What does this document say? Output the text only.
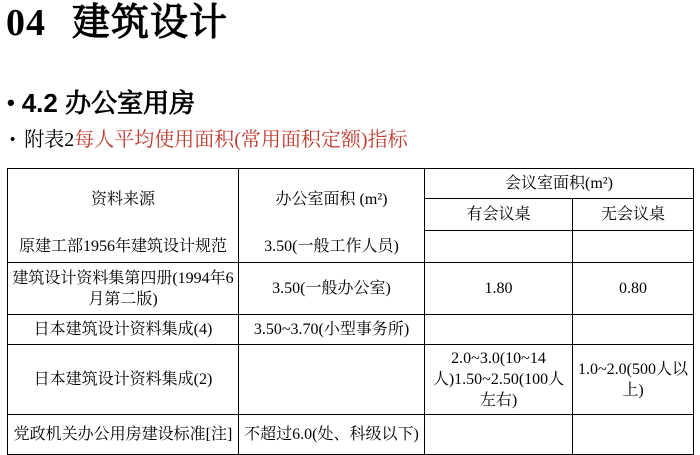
04 建筑设计
• 4.2 办公室用房
• 附表2 每人平均使用面积(常用面积定额)指标
资料来源	办公室面积 (m²)	会议室面积(m²)	
		有会议桌	无会议桌
原建工部1956年建筑设计规范	3.50(一般工作人员)		
建筑设计资料集第四册(1994年6月第二版)	3.50(一般办公室)	1.80	0.80
日本建筑设计资料集成(4)	3.50~3.70(小型事务所)		
日本建筑设计资料集成(2)		2.0~3.0(10~14人)1.50~2.50(100人左右)	1.0~2.0(500人以上)
党政机关办公用房建设标准[注]	不超过6.0(处、科级以下)		
